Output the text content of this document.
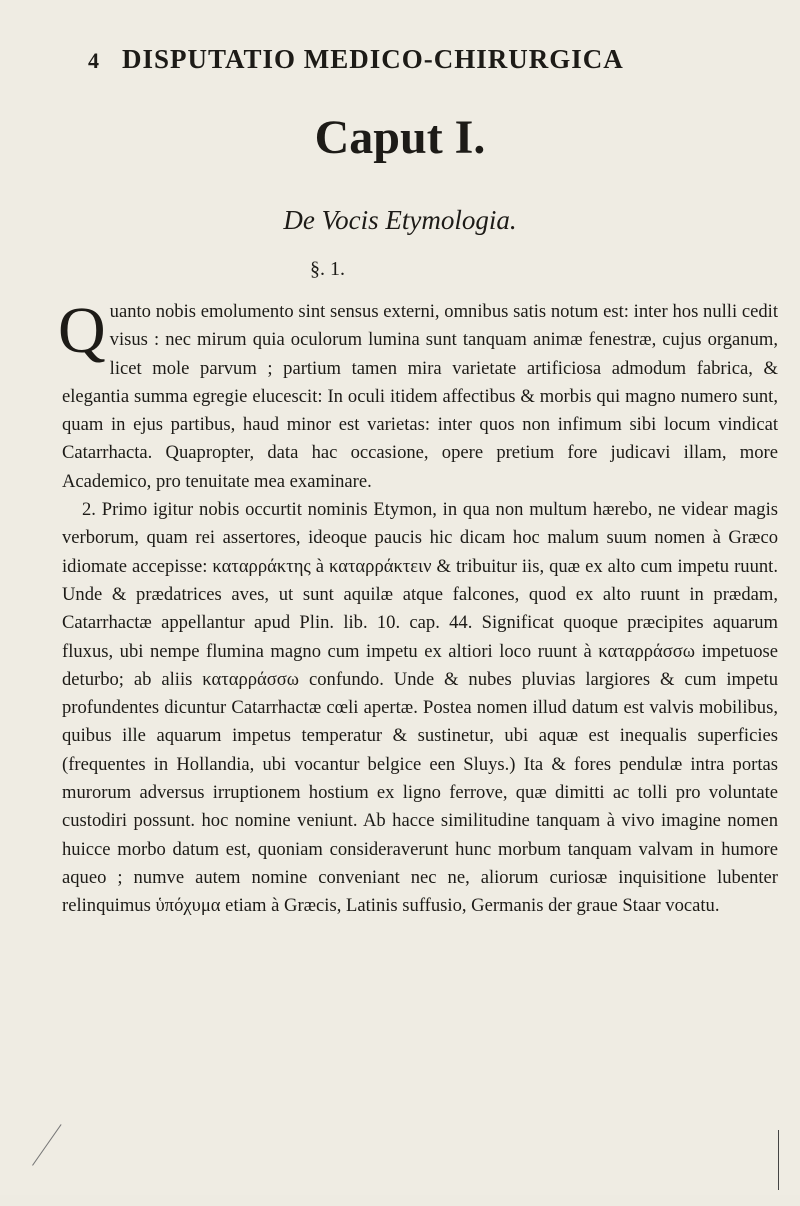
4 DISPUTATIO MEDICO-CHIRURGICA
Caput I.
De Vocis Etymologia.
§. 1.

Quanto nobis emolumento sint sensus externi, omnibus satis notum est: inter hos nulli cedit visus : nec mirum quia oculorum lumina sunt tanquam animæ fenestræ, cujus organum, licet mole parvum ; partium tamen mira varietate artificiosa admodum fabrica, & elegantia summa egregie elucescit: In oculi itidem affectibus & morbis qui magno numero sunt, quam in ejus partibus, haud minor est varietas: inter quos non infimum sibi locum vindicat Catarrhacta. Quapropter, data hac occasione, opere pretium fore judicavi illam, more Academico, pro tenuitate mea examinare.

2. Primo igitur nobis occurtit nominis Etymon, in qua non multum hærebo, ne videar magis verborum, quam rei assertores, ideoque paucis hic dicam hoc malum suum nomen à Græco idiomate accepisse: καταρράκτης à καταρράκτειν & tribuitur iis, quæ ex alto cum impetu ruunt. Unde & prædatrices aves, ut sunt aquilæ atque falcones, quod ex alto ruunt in prædam, Catarrhactæ appellantur apud Plin. lib. 10. cap. 44. Significat quoque præcipites aquarum fluxus, ubi nempe flumina magno cum impetu ex altiori loco ruunt à καταρράσσω impetuose deturbo; ab aliis καταρράσσω confundo. Unde & nubes pluvias largiores & cum impetu profundentes dicuntur Catarrhactæ cœli apertæ. Postea nomen illud datum est valvis mobilibus, quibus ille aquarum impetus temperatur & sustinetur, ubi aquæ est inequalis superficies (frequentes in Hollandia, ubi vocantur belgice een Sluys.) Ita & fores pendulæ intra portas murorum adversus irruptionem hostium ex ligno ferrove, quæ dimitti ac tolli pro voluntate custodiri possunt. hoc nomine veniunt. Ab hacce similitudine tanquam à vivo imagine nomen huicce morbo datum est, quoniam consideraverunt hunc morbum tanquam valvam in humore aqueo ; numve autem nomine conveniant nec ne, aliorum curiosæ inquisitione lubenter relinquimus ὑπόχυμα etiam à Græcis, Latinis suffusio, Germanis der graue Staar vocatu.
